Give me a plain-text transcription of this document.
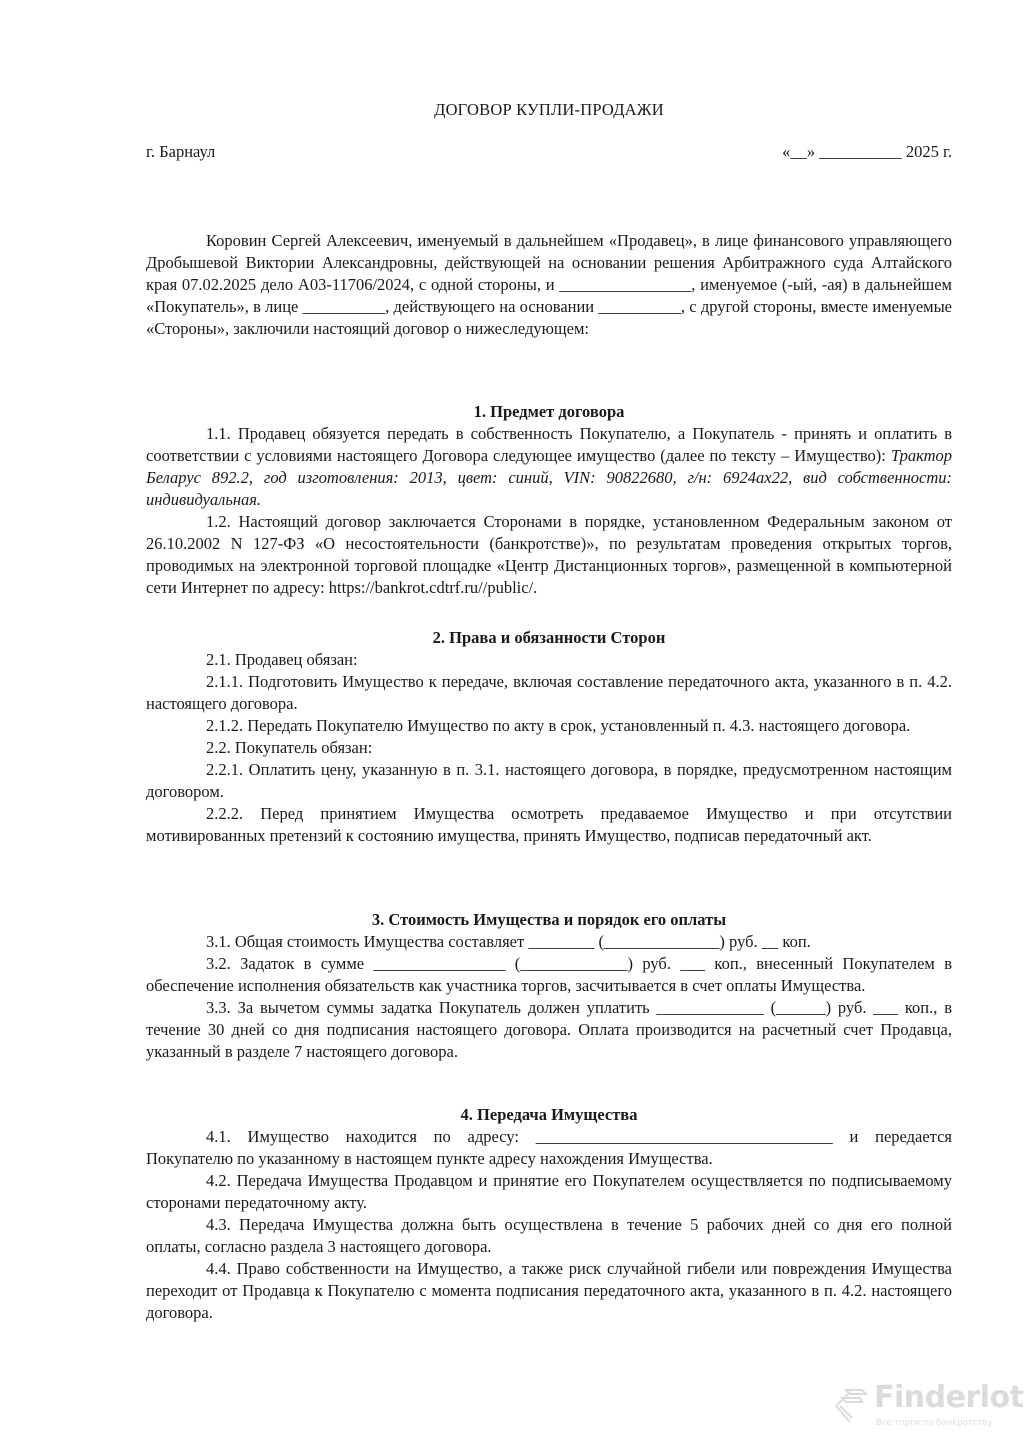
ДОГОВОР КУПЛИ-ПРОДАЖИ
г. Барнаул	«__» __________ 2025 г.

Коровин Сергей Алексеевич, именуемый в дальнейшем «Продавец», в лице финансового управляющего Дробышевой Виктории Александровны, действующей на основании решения Арбитражного суда Алтайского края 07.02.2025 дело А03-11706/2024, с одной стороны, и ________________, именуемое (-ый, -ая) в дальнейшем «Покупатель», в лице __________, действующего на основании __________, с другой стороны, вместе именуемые «Стороны», заключили настоящий договор о нижеследующем:

1. Предмет договора

1.1. Продавец обязуется передать в собственность Покупателю, а Покупатель - принять и оплатить в соответствии с условиями настоящего Договора следующее имущество (далее по тексту – Имущество): Трактор Беларус 892.2, год изготовления: 2013, цвет: синий, VIN: 90822680, г/н: 6924ах22, вид собственности: индивидуальная.

1.2. Настоящий договор заключается Сторонами в порядке, установленном Федеральным законом от 26.10.2002 N 127-ФЗ «О несостоятельности (банкротстве)», по результатам проведения открытых торгов, проводимых на электронной торговой площадке «Центр Дистанционных торгов», размещенной в компьютерной сети Интернет по адресу: https://bankrot.cdtrf.ru//public/.

2. Права и обязанности Сторон

2.1. Продавец обязан:

2.1.1. Подготовить Имущество к передаче, включая составление передаточного акта, указанного в п. 4.2. настоящего договора.

2.1.2. Передать Покупателю Имущество по акту в срок, установленный п. 4.3. настоящего договора.

2.2. Покупатель обязан:

2.2.1. Оплатить цену, указанную в п. 3.1. настоящего договора, в порядке, предусмотренном настоящим договором.

2.2.2. Перед принятием Имущества осмотреть предаваемое Имущество и при отсутствии мотивированных претензий к состоянию имущества, принять Имущество, подписав передаточный акт.

3. Стоимость Имущества и порядок его оплаты

3.1. Общая стоимость Имущества составляет ________ (______________) руб. __ коп.

3.2. Задаток в сумме ________________ (_____________) руб. ___ коп., внесенный Покупателем в обеспечение исполнения обязательств как участника торгов, засчитывается в счет оплаты Имущества.

3.3. За вычетом суммы задатка Покупатель должен уплатить _____________ (______) руб. ___ коп., в течение 30 дней со дня подписания настоящего договора. Оплата производится на расчетный счет Продавца, указанный в разделе 7 настоящего договора.

4. Передача Имущества

4.1. Имущество находится по адресу: ____________________________________ и передается Покупателю по указанному в настоящем пункте адресу нахождения Имущества.

4.2. Передача Имущества Продавцом и принятие его Покупателем осуществляется по подписываемому сторонами передаточному акту.

4.3. Передача Имущества должна быть осуществлена в течение 5 рабочих дней со дня его полной оплаты, согласно раздела 3 настоящего договора.

4.4. Право собственности на Имущество, а также риск случайной гибели или повреждения Имущества переходит от Продавца к Покупателю с момента подписания передаточного акта, указанного в п. 4.2. настоящего договора.

Finderlot
Все торги по банкротству
